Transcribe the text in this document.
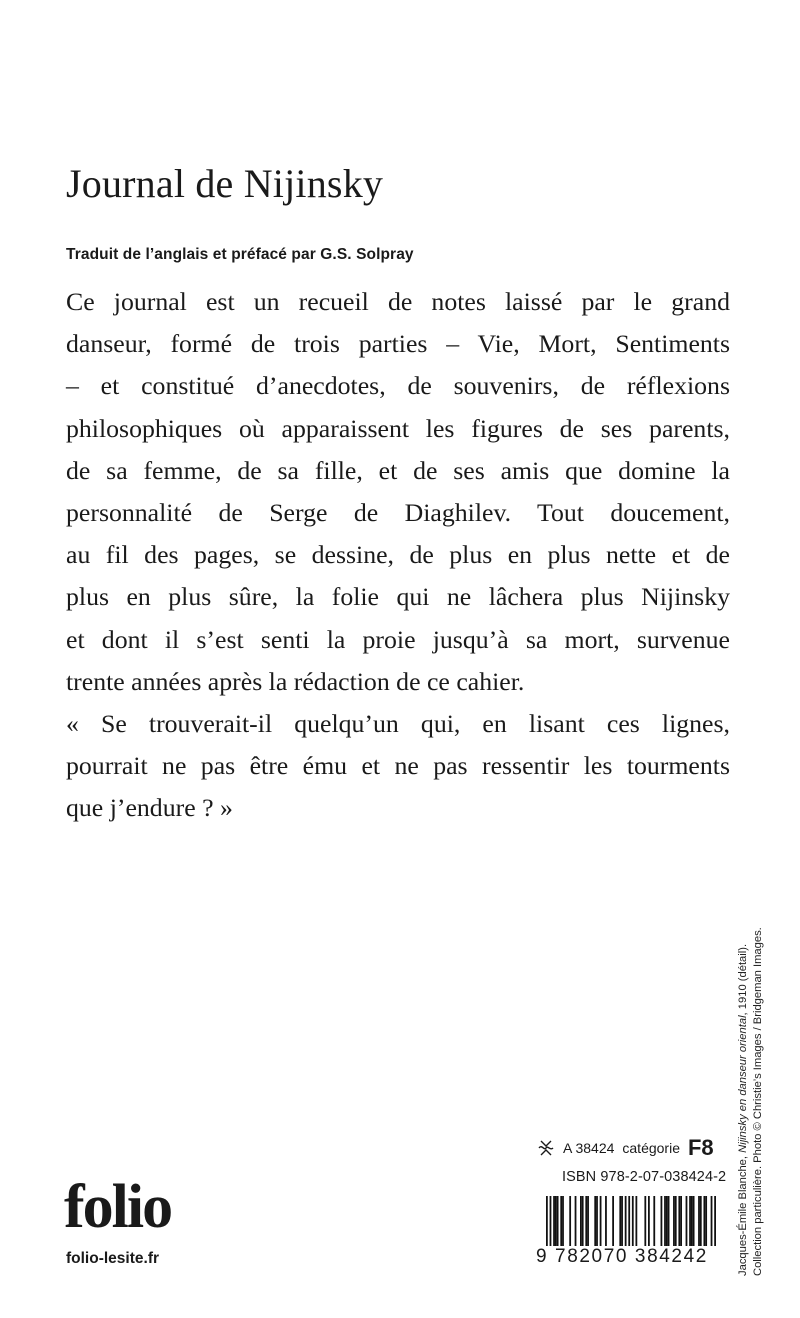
Journal de Nijinsky
Traduit de l’anglais et préfacé par G.S. Solpray
Ce journal est un recueil de notes laissé par le grand
danseur, formé de trois parties – Vie, Mort, Sentiments
– et constitué d’anecdotes, de souvenirs, de réflexions
philosophiques où apparaissent les figures de ses parents,
de sa femme, de sa fille, et de ses amis que domine la
personnalité de Serge de Diaghilev. Tout doucement,
au fil des pages, se dessine, de plus en plus nette et de
plus en plus sûre, la folie qui ne lâchera plus Nijinsky
et dont il s’est senti la proie jusqu’à sa mort, survenue
trente années après la rédaction de ce cahier.
« Se trouverait-il quelqu’un qui, en lisant ces lignes,
pourrait ne pas être ému et ne pas ressentir les tourments
que j’endure ? »
Jacques-Émile Blanche, Nijinsky en danseur oriental, 1910 (détail). Collection particulière. Photo © Christie’s Images / Bridgeman Images.
A 38424 catégorie F8
ISBN 978-2-07-038424-2
9 782070 384242
folio
folio-lesite.fr
